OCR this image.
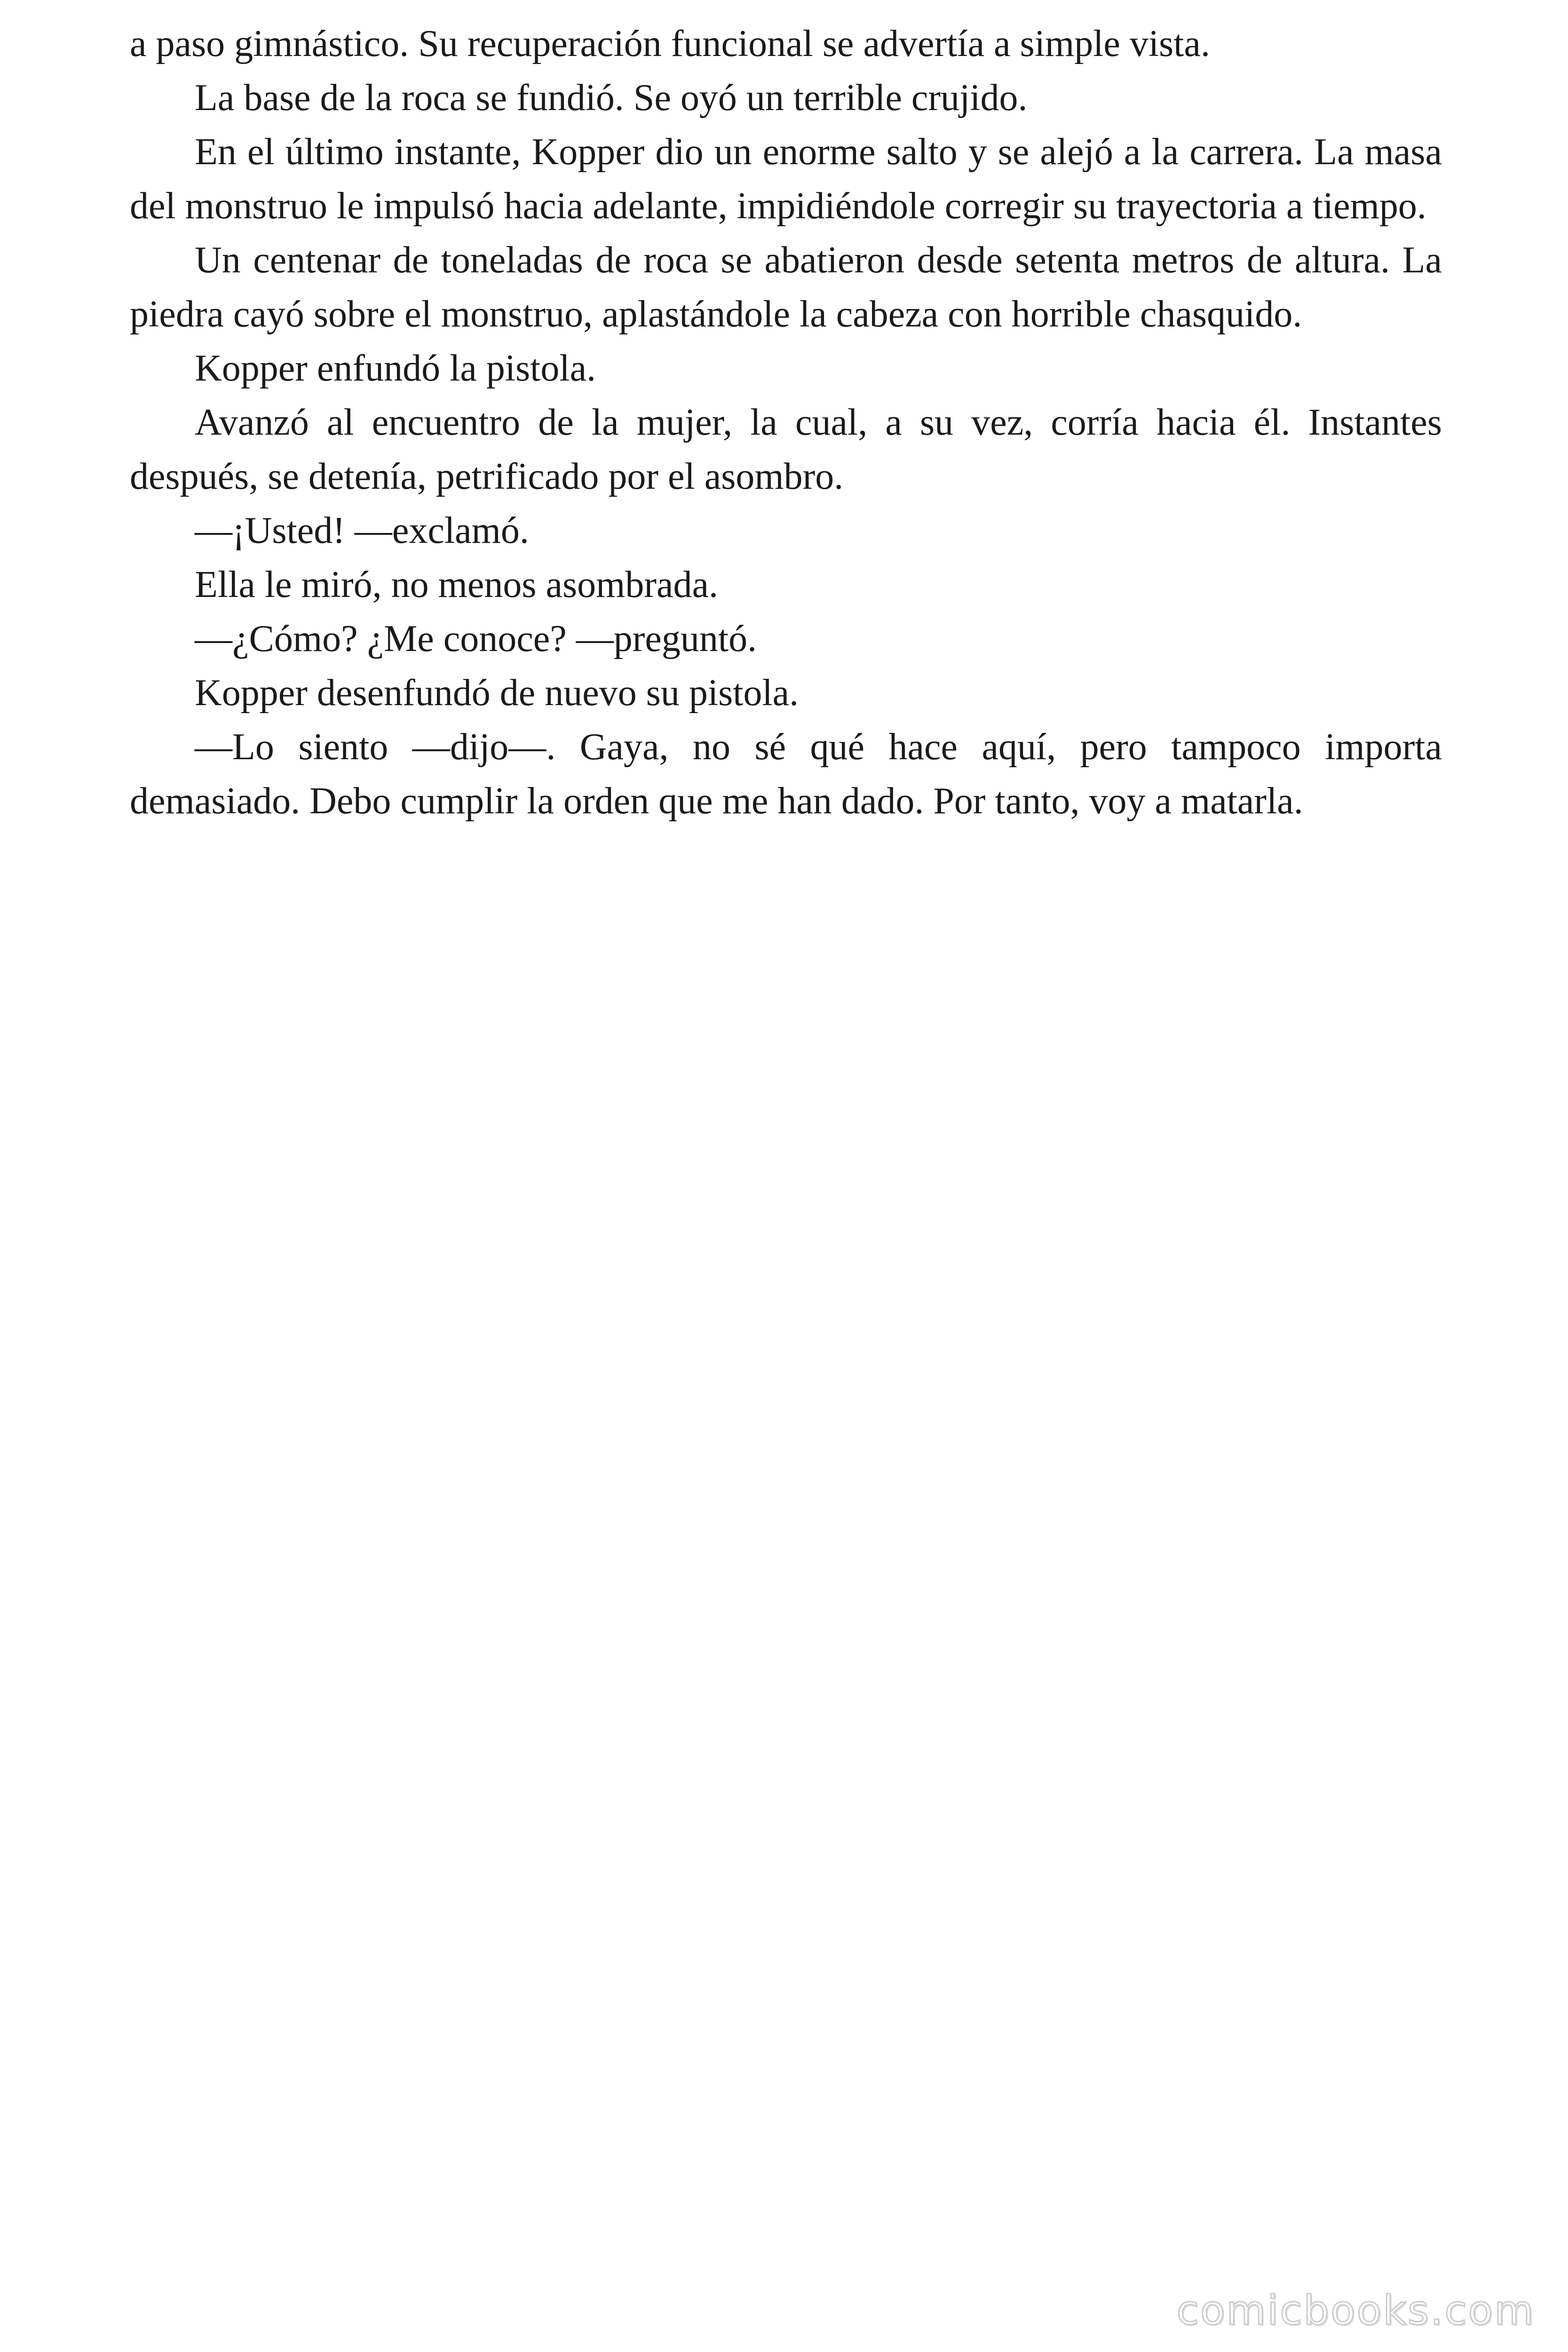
a paso gimnástico. Su recuperación funcional se advertía a simple vista.

La base de la roca se fundió. Se oyó un terrible crujido.

En el último instante, Kopper dio un enorme salto y se alejó a la carrera. La masa del monstruo le impulsó hacia adelante, impidiéndole corregir su trayectoria a tiempo.

Un centenar de toneladas de roca se abatieron desde setenta metros de altura. La piedra cayó sobre el monstruo, aplastándole la cabeza con horrible chasquido.

Kopper enfundó la pistola.

Avanzó al encuentro de la mujer, la cual, a su vez, corría hacia él. Instantes después, se detenía, petrificado por el asombro.

—¡Usted! —exclamó.

Ella le miró, no menos asombrada.

—¿Cómo? ¿Me conoce? —preguntó.

Kopper desenfundó de nuevo su pistola.

—Lo siento —dijo—. Gaya, no sé qué hace aquí, pero tampoco importa demasiado. Debo cumplir la orden que me han dado. Por tanto, voy a matarla.

comicbooks.com
